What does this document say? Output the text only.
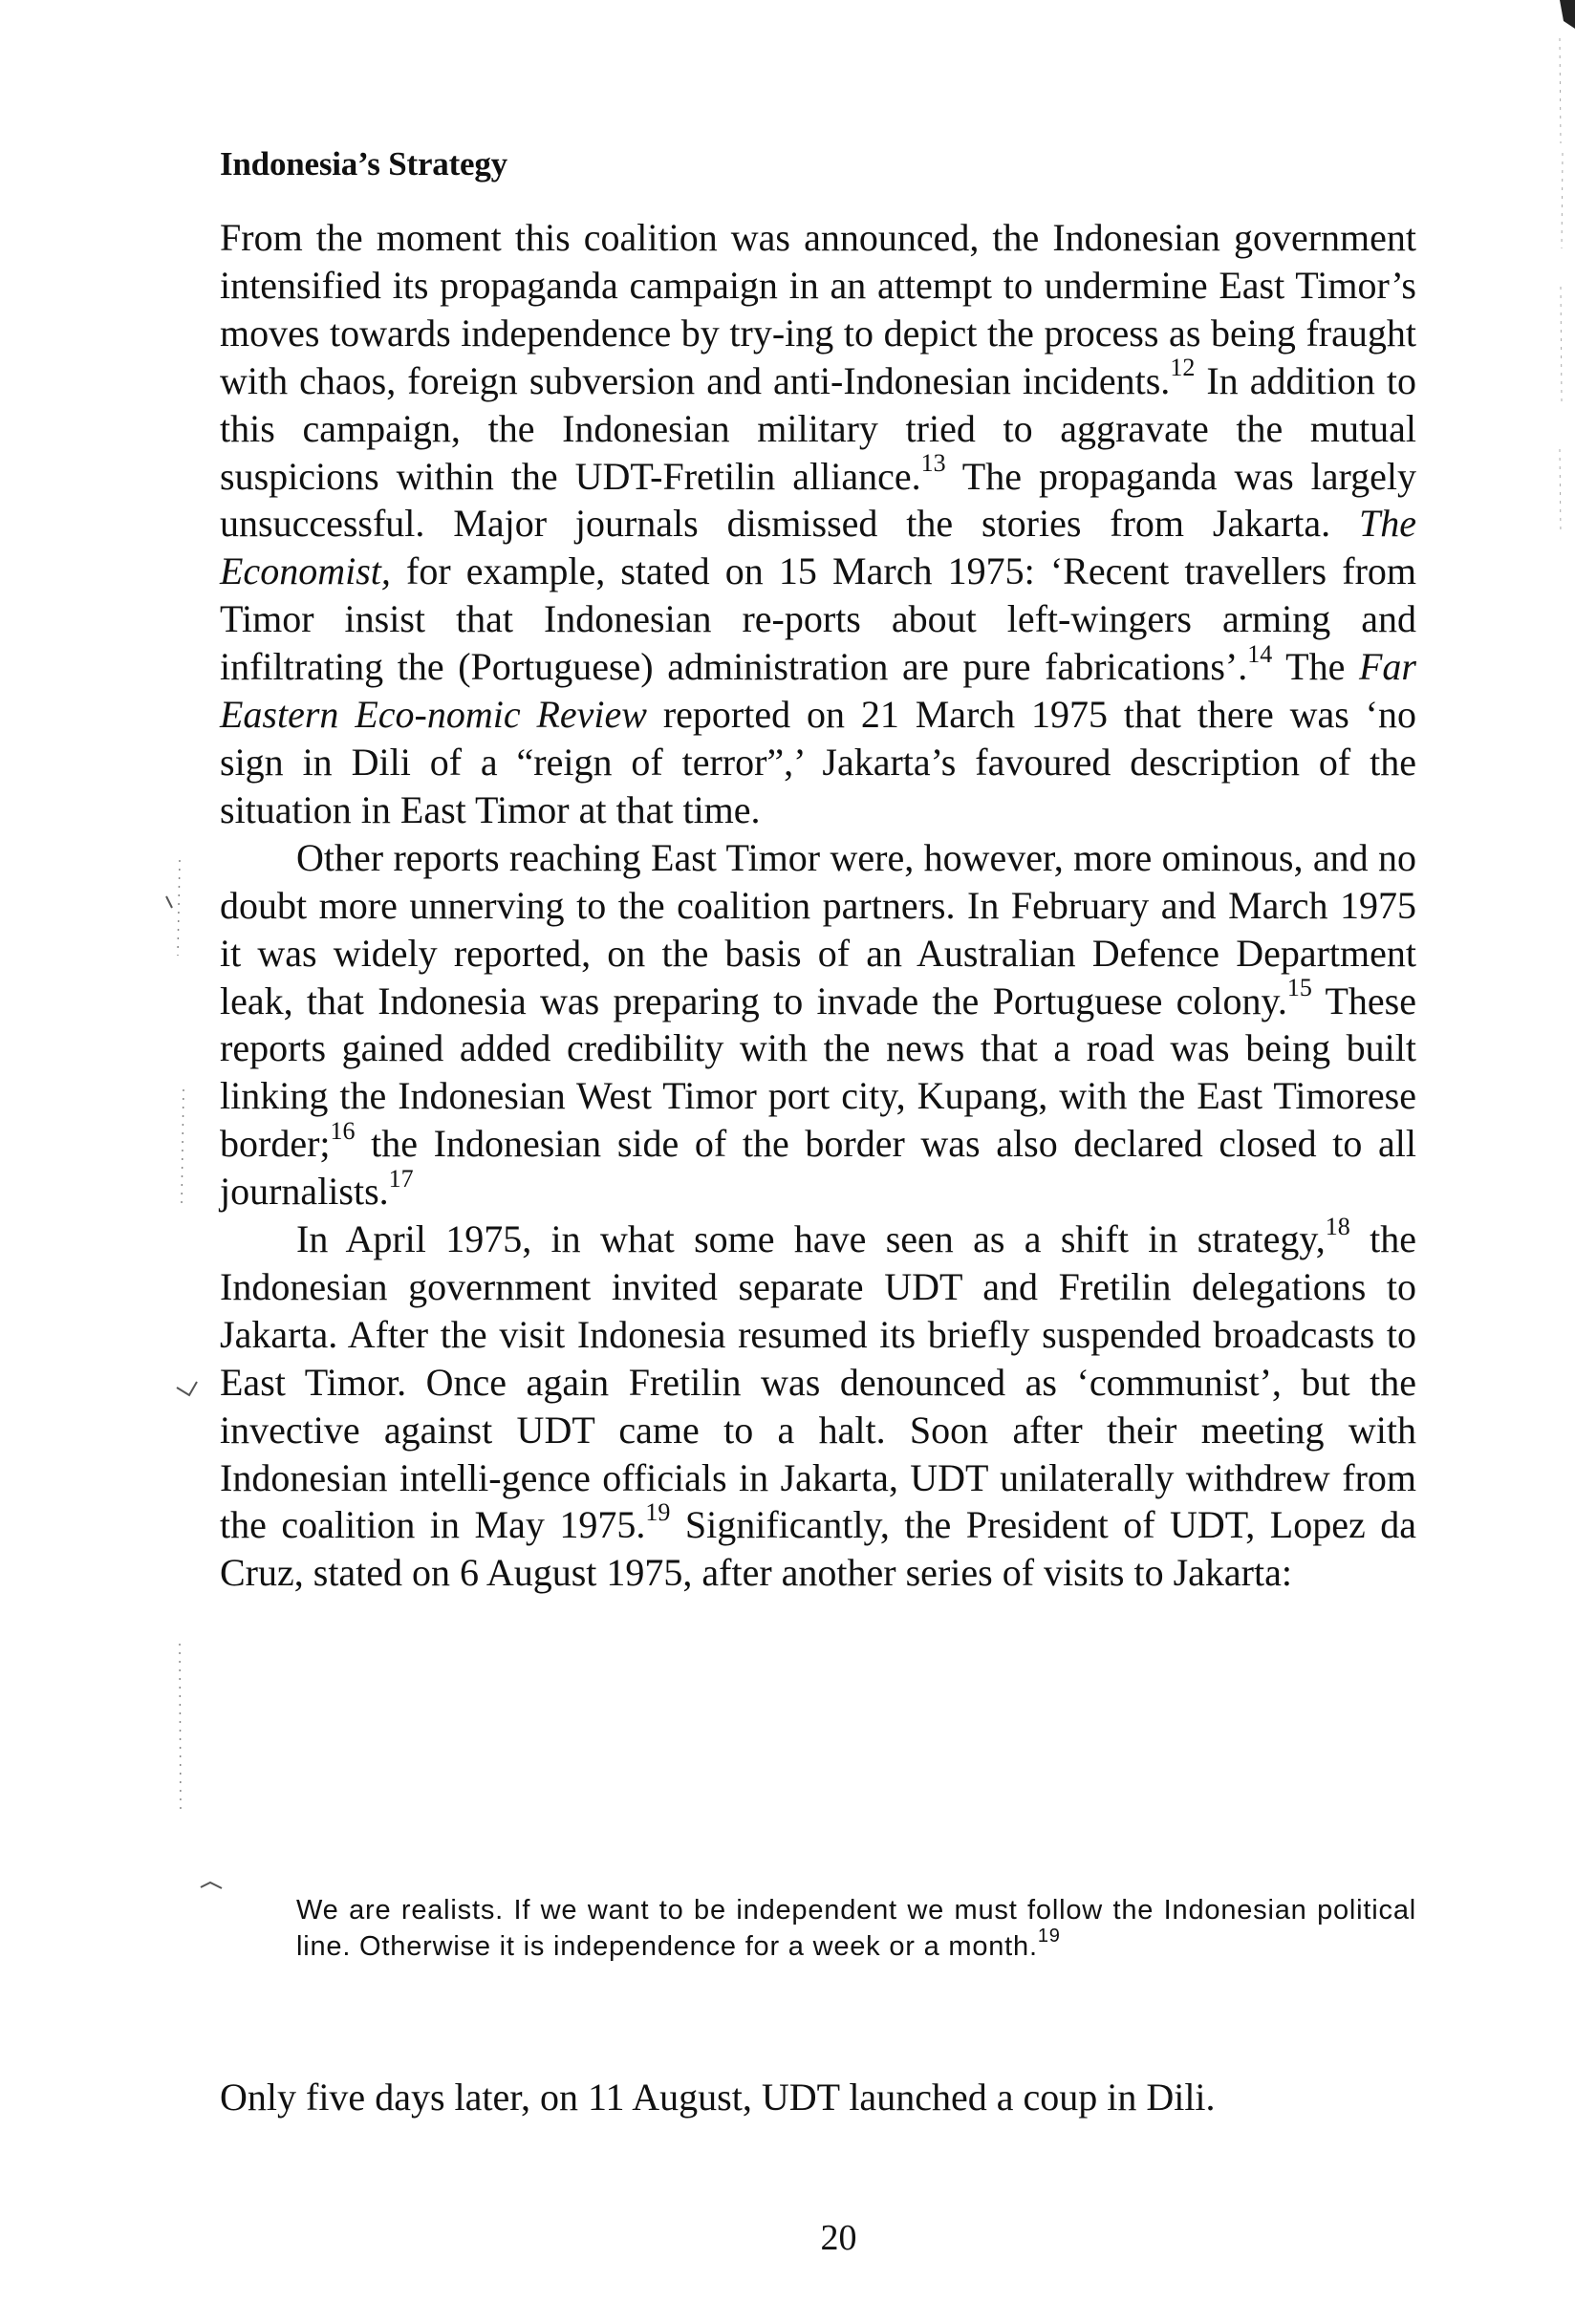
Indonesia’s Strategy

From the moment this coalition was announced, the Indonesian government intensified its propaganda campaign in an attempt to undermine East Timor’s moves towards independence by try-ing to depict the process as being fraught with chaos, foreign subversion and anti-Indonesian incidents.$^{12}$ In addition to this campaign, the Indonesian military tried to aggravate the mutual suspicions within the UDT-Fretilin alliance.$^{13}$ The propaganda was largely unsuccessful. Major journals dismissed the stories from Jakarta. The Economist, for example, stated on 15 March 1975: ‘Recent travellers from Timor insist that Indonesian re-ports about left-wingers arming and infiltrating the (Portuguese) administration are pure fabrications’.$^{14}$ The Far Eastern Eco-nomic Review reported on 21 March 1975 that there was ‘no sign in Dili of a “reign of terror”,’ Jakarta’s favoured description of the situation in East Timor at that time.

Other reports reaching East Timor were, however, more ominous, and no doubt more unnerving to the coalition partners. In February and March 1975 it was widely reported, on the basis of an Australian Defence Department leak, that Indonesia was preparing to invade the Portuguese colony.$^{15}$ These reports gained added credibility with the news that a road was being built linking the Indonesian West Timor port city, Kupang, with the East Timorese border;$^{16}$ the Indonesian side of the border was also declared closed to all journalists.$^{17}$

In April 1975, in what some have seen as a shift in strategy,$^{18}$ the Indonesian government invited separate UDT and Fretilin delegations to Jakarta. After the visit Indonesia resumed its briefly suspended broadcasts to East Timor. Once again Fretilin was denounced as ‘communist’, but the invective against UDT came to a halt. Soon after their meeting with Indonesian intelli-gence officials in Jakarta, UDT unilaterally withdrew from the coalition in May 1975.19 Significantly, the President of UDT, Lopez da Cruz, stated on 6 August 1975, after another series of visits to Jakarta:

We are realists. If we want to be independent we must follow the Indonesian political line. Otherwise it is independence for a week or a month.$^{19}$

Only five days later, on 11 August, UDT launched a coup in Dili.

20
